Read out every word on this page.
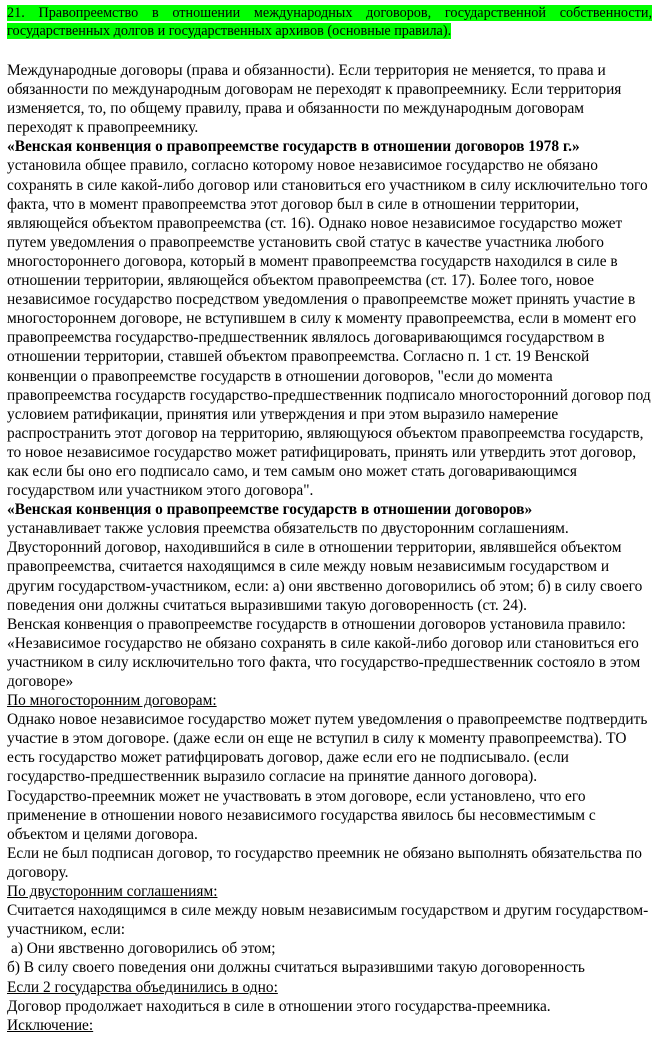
21. Правопреемство в отношении международных договоров, государственной собственности, государственных долгов и государственных архивов (основные правила).

Международные договоры (права и обязанности). Если территория не меняется, то права и обязанности по международным договорам не переходят к правопреемнику. Если территория изменяется, то, по общему правилу, права и обязанности по международным договорам переходят к правопреемнику.

«Венская конвенция о правопреемстве государств в отношении договоров 1978 г.»

установила общее правило, согласно которому новое независимое государство не обязано сохранять в силе какой-либо договор или становиться его участником в силу исключительно того факта, что в момент правопреемства этот договор был в силе в отношении территории, являющейся объектом правопреемства (ст. 16). Однако новое независимое государство может путем уведомления о правопреемстве установить свой статус в качестве участника любого многостороннего договора, который в момент правопреемства государств находился в силе в отношении территории, являющейся объектом правопреемства (ст. 17). Более того, новое независимое государство посредством уведомления о правопреемстве может принять участие в многостороннем договоре, не вступившем в силу к моменту правопреемства, если в момент его правопреемства государство-предшественник являлось договаривающимся государством в отношении территории, ставшей объектом правопреемства. Согласно п. 1 ст. 19 Венской конвенции о правопреемстве государств в отношении договоров, "если до момента правопреемства государств государство-предшественник подписало многосторонний договор под условием ратификации, принятия или утверждения и при этом выразило намерение распространить этот договор на территорию, являющуюся объектом правопреемства государств, то новое независимое государство может ратифицировать, принять или утвердить этот договор, как если бы оно его подписало само, и тем самым оно может стать договаривающимся государством или участником этого договора".

«Венская конвенция о правопреемстве государств в отношении договоров»

устанавливает также условия преемства обязательств по двусторонним соглашениям. Двусторонний договор, находившийся в силе в отношении территории, являвшейся объектом правопреемства, считается находящимся в силе между новым независимым государством и другим государством-участником, если: а) они явственно договорились об этом; б) в силу своего поведения они должны считаться выразившими такую договоренность (ст. 24).

Венская конвенция о правопреемстве государств в отношении договоров установила правило:

«Независимое государство не обязано сохранять в силе какой-либо договор или становиться его участником в силу исключительно того факта, что государство-предшественник состояло в этом договоре»

По многосторонним договорам:

Однако новое независимое государство может путем уведомления о правопреемстве подтвердить участие в этом договоре. (даже если он еще не вступил в силу к моменту правопреемства). ТО есть государство может ратифцировать договор, даже если его не подписывало. (если государство-предшественник выразило согласие на принятие данного договора).

Государство-преемник может не участвовать в этом договоре, если установлено, что его применение в отношении нового независимого государства явилось бы несовместимым с объектом и целями договора.

Если не был подписан договор, то государство преемник не обязано выполнять обязательства по договору.

По двусторонним соглашениям:

Считается находящимся в силе между новым независимым государством и другим государством-участником, если:

а) Они явственно договорились об этом;

б) В силу своего поведения они должны считаться выразившими такую договоренность

Если 2 государства объединились в одно:

Договор продолжает находиться в силе в отношении этого государства-преемника.

Исключение:
